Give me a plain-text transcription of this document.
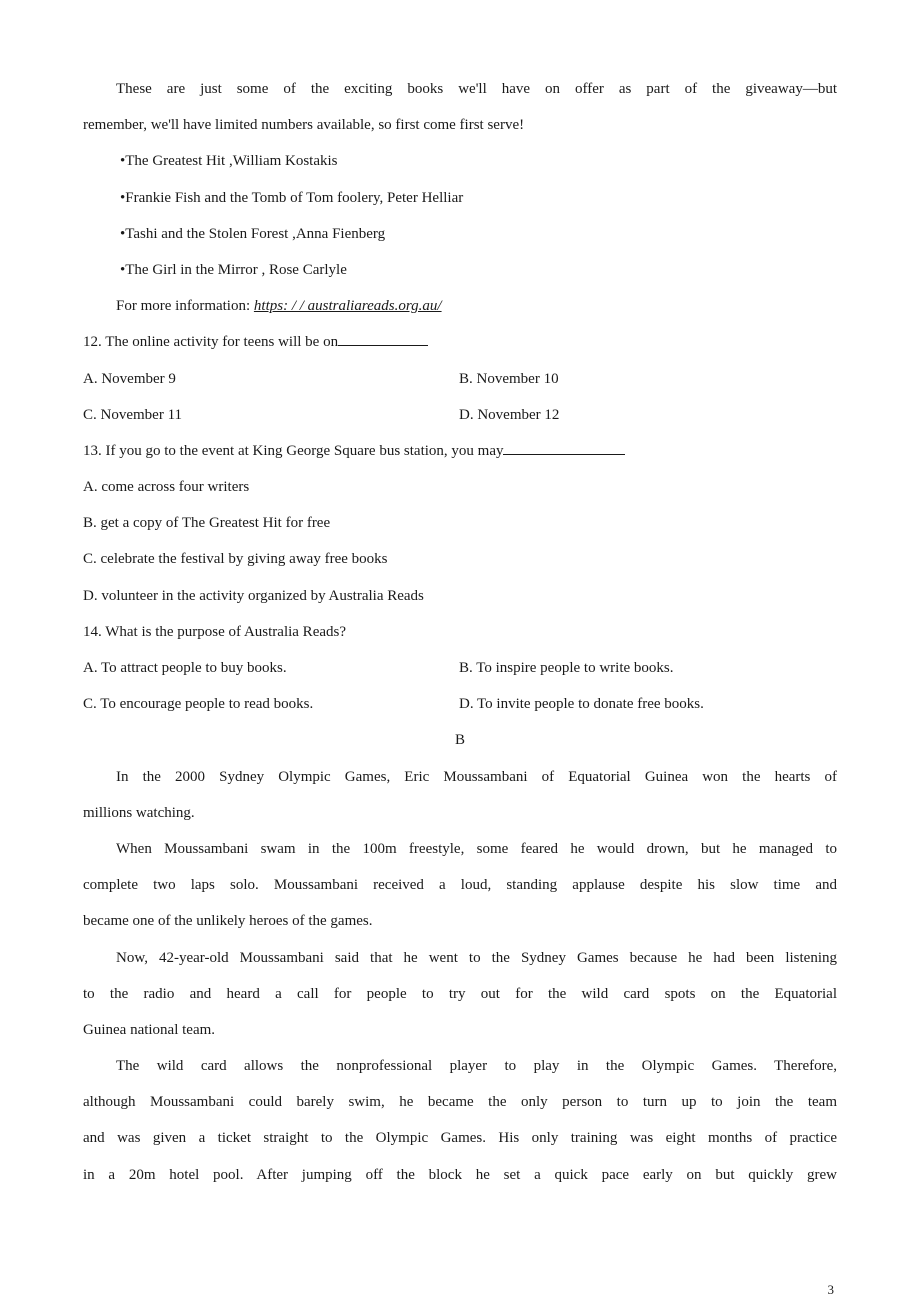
These are just some of the exciting books we'll have on offer as part of the giveaway—but
remember, we'll have limited numbers available, so first come first serve!
•The Greatest Hit ,William Kostakis
•Frankie Fish and the Tomb of Tom foolery, Peter Helliar
•Tashi and the Stolen Forest ,Anna Fienberg
•The Girl in the Mirror , Rose Carlyle
For more information: https: / / australiareads.org.au/
12. The online activity for teens will be on
A. November 9	B. November 10
C. November 11	D. November 12
13. If you go to the event at King George Square bus station, you may
A. come across four writers
B. get a copy of The Greatest Hit for free
C. celebrate the festival by giving away free books
D. volunteer in the activity organized by Australia Reads
14. What is the purpose of Australia Reads?
A. To attract people to buy books.	B. To inspire people to write books.
C. To encourage people to read books.	D. To invite people to donate free books.
B
In the 2000 Sydney Olympic Games, Eric Moussambani of Equatorial Guinea won the hearts of
millions watching.
When Moussambani swam in the 100m freestyle, some feared he would drown, but he managed to
complete two laps solo. Moussambani received a loud, standing applause despite his slow time and
became one of the unlikely heroes of the games.
Now, 42-year-old Moussambani said that he went to the Sydney Games because he had been listening
to the radio and heard a call for people to try out for the wild card spots on the Equatorial
Guinea national team.
The wild card allows the nonprofessional player to play in the Olympic Games. Therefore,
although Moussambani could barely swim, he became the only person to turn up to join the team
and was given a ticket straight to the Olympic Games. His only training was eight months of practice
in a 20m hotel pool. After jumping off the block he set a quick pace early on but quickly grew
3
